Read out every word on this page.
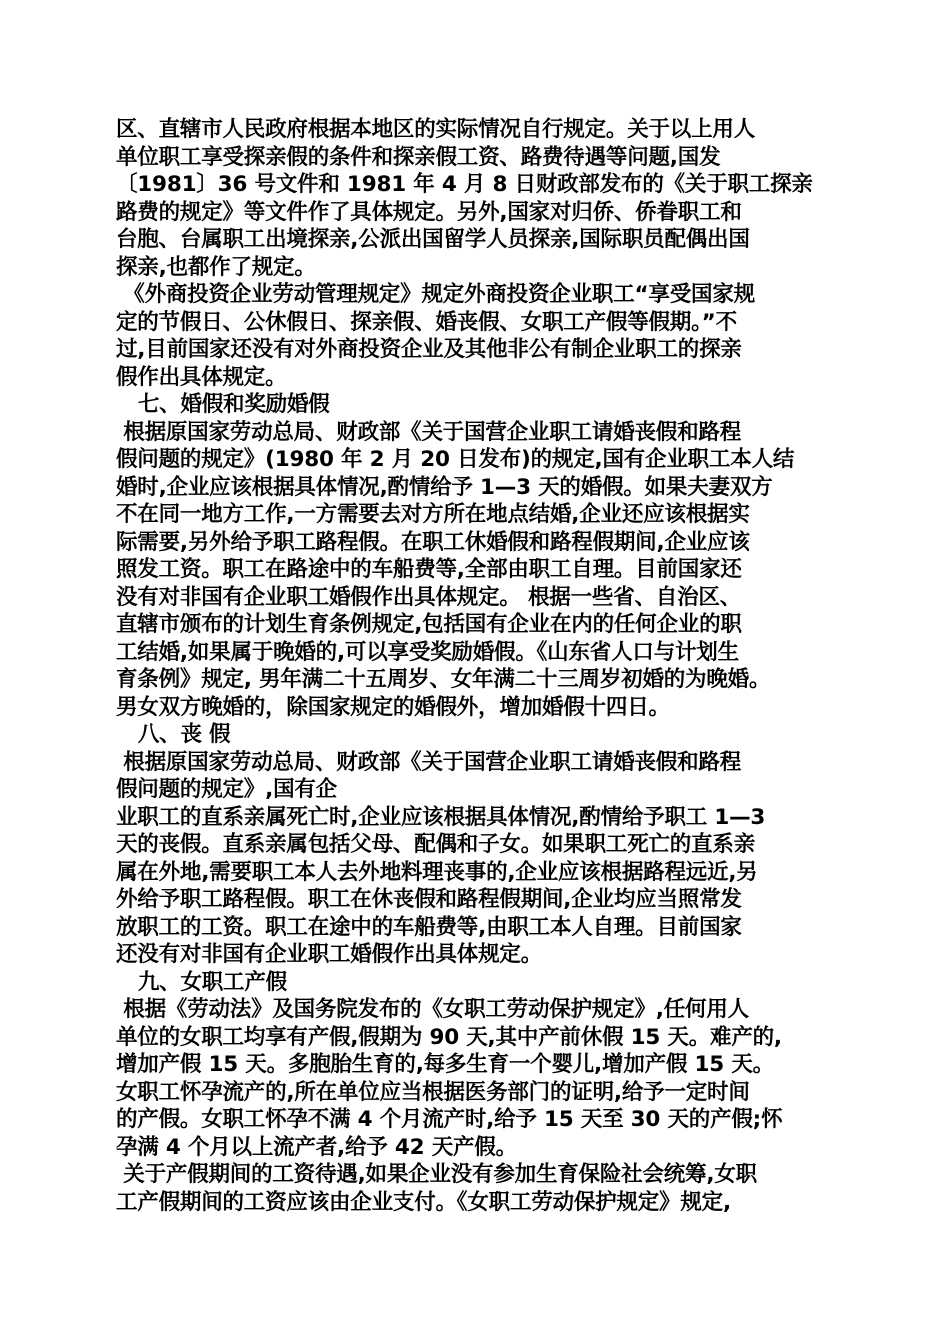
区、直辖市人民政府根据本地区的实际情况自行规定。关于以上用人
单位职工享受探亲假的条件和探亲假工资、路费待遇等问题,国发
〔1981〕36 号文件和 1981 年 4 月 8 日财政部发布的《关于职工探亲
路费的规定》等文件作了具体规定。另外,国家对归侨、侨眷职工和
台胞、台属职工出境探亲,公派出国留学人员探亲,国际职员配偶出国
探亲,也都作了规定。
《外商投资企业劳动管理规定》规定外商投资企业职工“享受国家规
定的节假日、公休假日、探亲假、婚丧假、女职工产假等假期。”不
过,目前国家还没有对外商投资企业及其他非公有制企业职工的探亲
假作出具体规定。
七、婚假和奖励婚假
根据原国家劳动总局、财政部《关于国营企业职工请婚丧假和路程
假问题的规定》(1980 年 2 月 20 日发布)的规定,国有企业职工本人结
婚时,企业应该根据具体情况,酌情给予 1—3 天的婚假。如果夫妻双方
不在同一地方工作,一方需要去对方所在地点结婚,企业还应该根据实
际需要,另外给予职工路程假。在职工休婚假和路程假期间,企业应该
照发工资。职工在路途中的车船费等,全部由职工自理。目前国家还
没有对非国有企业职工婚假作出具体规定。 根据一些省、自治区、
直辖市颁布的计划生育条例规定,包括国有企业在内的任何企业的职
工结婚,如果属于晚婚的,可以享受奖励婚假。《山东省人口与计划生
育条例》规定, 男年满二十五周岁、女年满二十三周岁初婚的为晚婚。
男女双方晚婚的，除国家规定的婚假外，增加婚假十四日。
八、丧 假
根据原国家劳动总局、财政部《关于国营企业职工请婚丧假和路程
假问题的规定》,国有企
业职工的直系亲属死亡时,企业应该根据具体情况,酌情给予职工 1—3
天的丧假。直系亲属包括父母、配偶和子女。如果职工死亡的直系亲
属在外地,需要职工本人去外地料理丧事的,企业应该根据路程远近,另
外给予职工路程假。职工在休丧假和路程假期间,企业均应当照常发
放职工的工资。职工在途中的车船费等,由职工本人自理。目前国家
还没有对非国有企业职工婚假作出具体规定。
九、女职工产假
根据《劳动法》及国务院发布的《女职工劳动保护规定》,任何用人
单位的女职工均享有产假,假期为 90 天,其中产前休假 15 天。难产的,
增加产假 15 天。多胞胎生育的,每多生育一个婴儿,增加产假 15 天。
女职工怀孕流产的,所在单位应当根据医务部门的证明,给予一定时间
的产假。女职工怀孕不满 4 个月流产时,给予 15 天至 30 天的产假;怀
孕满 4 个月以上流产者,给予 42 天产假。
关于产假期间的工资待遇,如果企业没有参加生育保险社会统筹,女职
工产假期间的工资应该由企业支付。《女职工劳动保护规定》规定,
